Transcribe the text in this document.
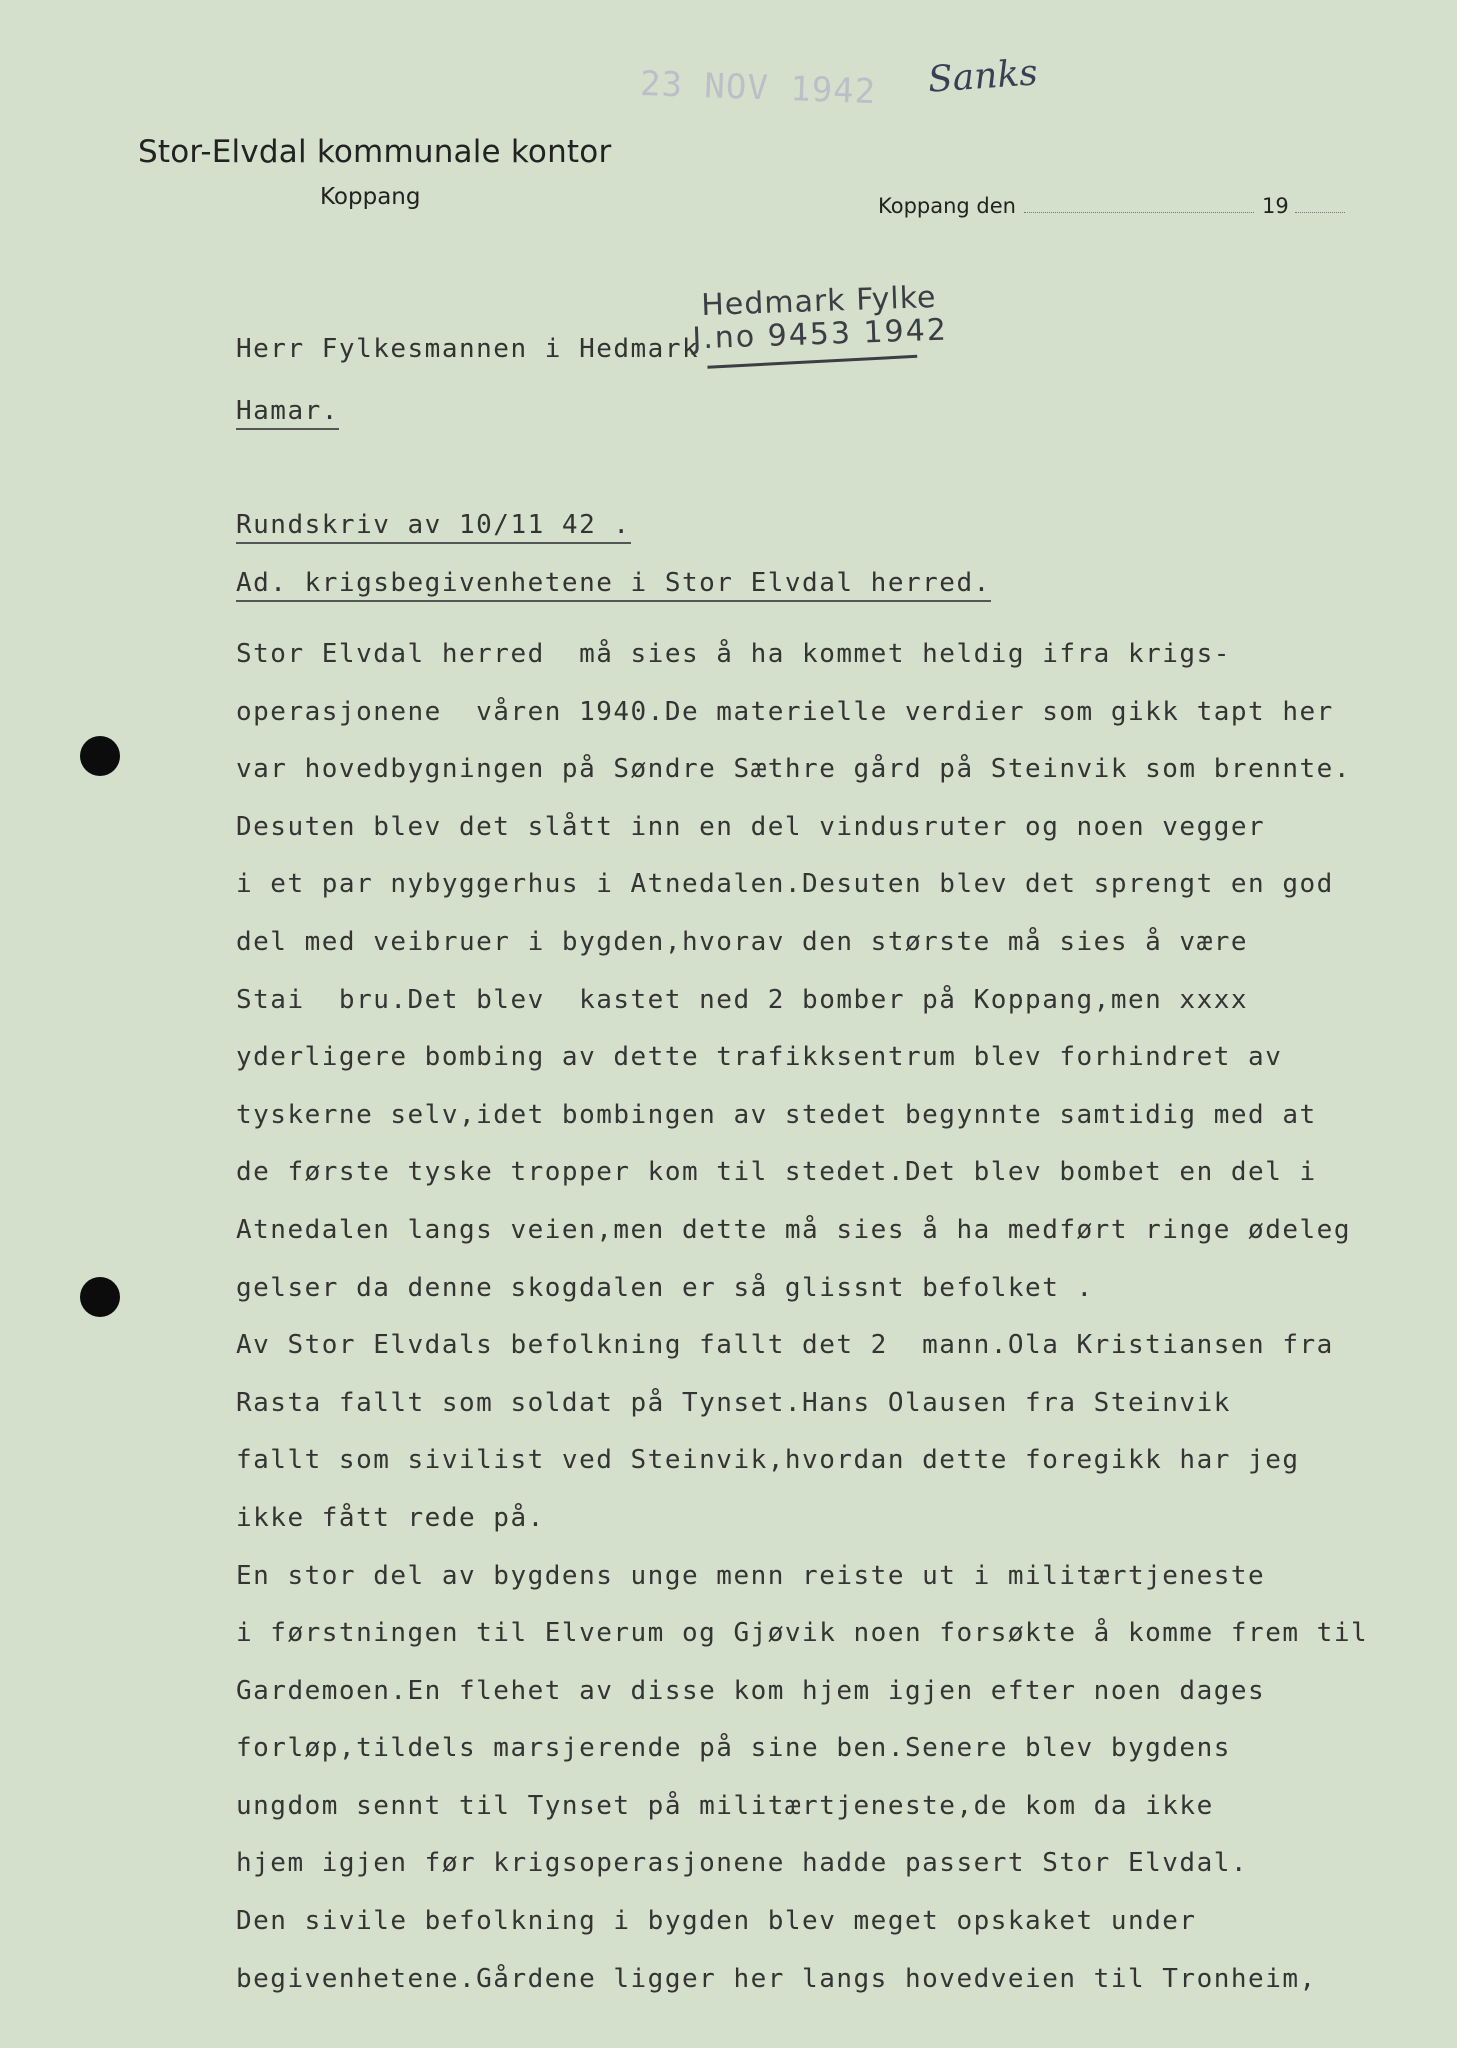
23 NOV 1942 Sanks
Stor-Elvdal kommunale kontor
Koppang	Koppang den	19
Hedmark Fylke
J.no 9453 1942
Herr Fylkesmannen i Hedmark
Hamar.
Rundskriv av 10/11 42 .
Ad. krigsbegivenhetene i Stor Elvdal herred.
Stor Elvdal herred  må sies å ha kommet heldig ifra krigs-
operasjonene  våren 1940.De materielle verdier som gikk tapt her
var hovedbygningen på Søndre Sæthre gård på Steinvik som brennte.
Desuten blev det slått inn en del vindusruter og noen vegger
i et par nybyggerhus i Atnedalen.Desuten blev det sprengt en god
del med veibruer i bygden,hvorav den største må sies å være
Stai  bru.Det blev  kastet ned 2 bomber på Koppang,men xxxx
yderligere bombing av dette trafikksentrum blev forhindret av
tyskerne selv,idet bombingen av stedet begynnte samtidig med at
de første tyske tropper kom til stedet.Det blev bombet en del i
Atnedalen langs veien,men dette må sies å ha medført ringe ødeleg
gelser da denne skogdalen er så glissnt befolket .
Av Stor Elvdals befolkning fallt det 2  mann.Ola Kristiansen fra
Rasta fallt som soldat på Tynset.Hans Olausen fra Steinvik
fallt som sivilist ved Steinvik,hvordan dette foregikk har jeg
ikke fått rede på.
En stor del av bygdens unge menn reiste ut i militærtjeneste
i førstningen til Elverum og Gjøvik noen forsøkte å komme frem til
Gardemoen.En flehet av disse kom hjem igjen efter noen dages
forløp,tildels marsjerende på sine ben.Senere blev bygdens
ungdom sennt til Tynset på militærtjeneste,de kom da ikke
hjem igjen før krigsoperasjonene hadde passert Stor Elvdal.
Den sivile befolkning i bygden blev meget opskaket under
begivenhetene.Gårdene ligger her langs hovedveien til Tronheim,
